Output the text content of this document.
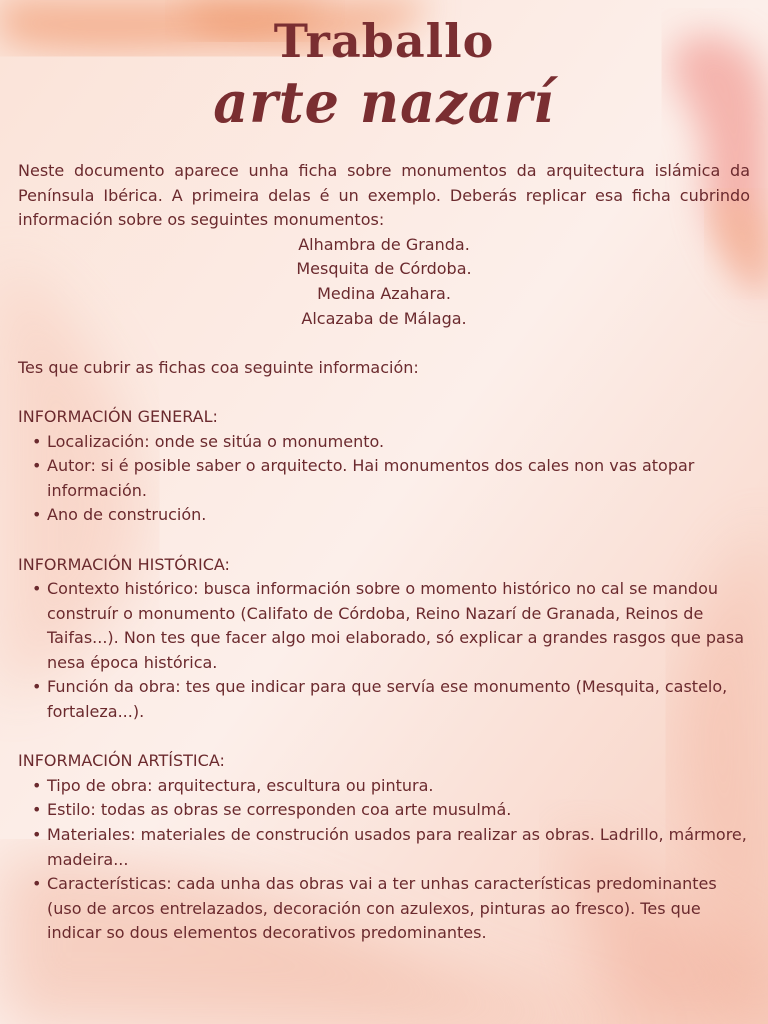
Traballo
arte nazarí

Neste documento aparece unha ficha sobre monumentos da arquitectura islámica da Península Ibérica. A primeira delas é un exemplo. Deberás replicar esa ficha cubrindo información sobre os seguintes monumentos:

Alhambra de Granda.
Mesquita de Córdoba.
Medina Azahara.
Alcazaba de Málaga.

Tes que cubrir as fichas coa seguinte información:

INFORMACIÓN GENERAL:

• Localización: onde se sitúa o monumento.
• Autor: si é posible saber o arquitecto. Hai monumentos dos cales non vas atopar información.
• Ano de construción.

INFORMACIÓN HISTÓRICA:

• Contexto histórico: busca información sobre o momento histórico no cal se mandou construír o monumento (Califato de Córdoba, Reino Nazarí de Granada, Reinos de Taifas...). Non tes que facer algo moi elaborado, só explicar a grandes rasgos que pasa nesa época histórica.
• Función da obra: tes que indicar para que servía ese monumento (Mesquita, castelo, fortaleza...).

INFORMACIÓN ARTÍSTICA:

• Tipo de obra: arquitectura, escultura ou pintura.
• Estilo: todas as obras se corresponden coa arte musulmá.
• Materiales: materiales de construción usados para realizar as obras. Ladrillo, mármore, madeira...
• Características: cada unha das obras vai a ter unhas características predominantes (uso de arcos entrelazados, decoración con azulexos, pinturas ao fresco). Tes que indicar so dous elementos decorativos predominantes.
